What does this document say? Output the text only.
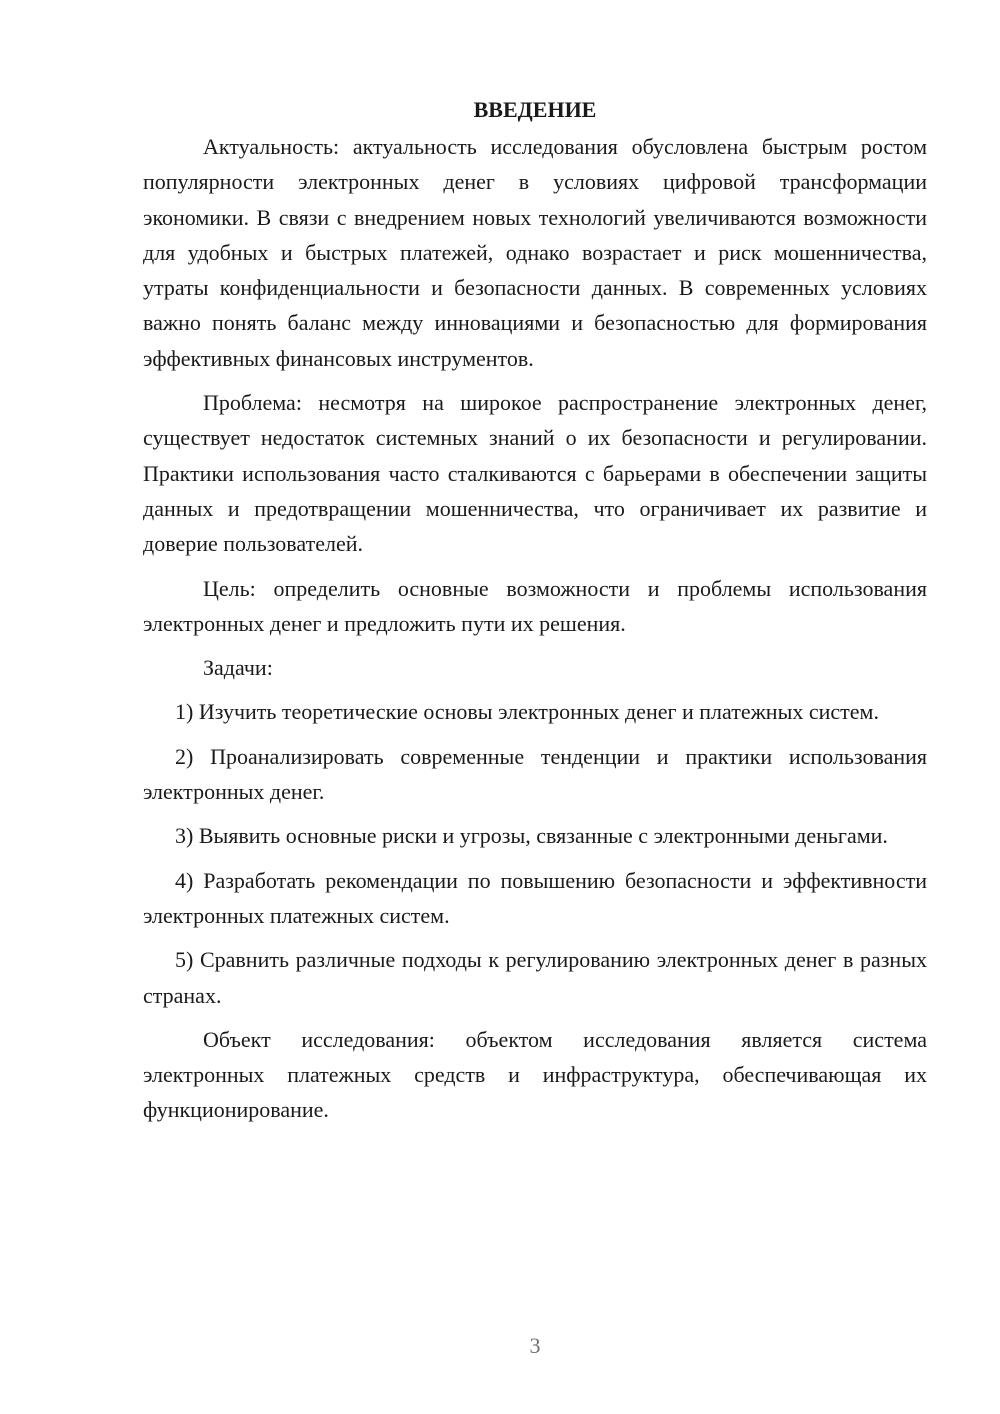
ВВЕДЕНИЕ

Актуальность: актуальность исследования обусловлена быстрым ростом популярности электронных денег в условиях цифровой трансформации экономики. В связи с внедрением новых технологий увеличиваются возможности для удобных и быстрых платежей, однако возрастает и риск мошенничества, утраты конфиденциальности и безопасности данных. В современных условиях важно понять баланс между инновациями и безопасностью для формирования эффективных финансовых инструментов.

Проблема: несмотря на широкое распространение электронных денег, существует недостаток системных знаний о их безопасности и регулировании. Практики использования часто сталкиваются с барьерами в обеспечении защиты данных и предотвращении мошенничества, что ограничивает их развитие и доверие пользователей.

Цель: определить основные возможности и проблемы использования электронных денег и предложить пути их решения.

Задачи:

1) Изучить теоретические основы электронных денег и платежных систем.

2) Проанализировать современные тенденции и практики использования электронных денег.

3) Выявить основные риски и угрозы, связанные с электронными деньгами.

4) Разработать рекомендации по повышению безопасности и эффективности электронных платежных систем.

5) Сравнить различные подходы к регулированию электронных денег в разных странах.

Объект исследования: объектом исследования является система электронных платежных средств и инфраструктура, обеспечивающая их функционирование.

3
